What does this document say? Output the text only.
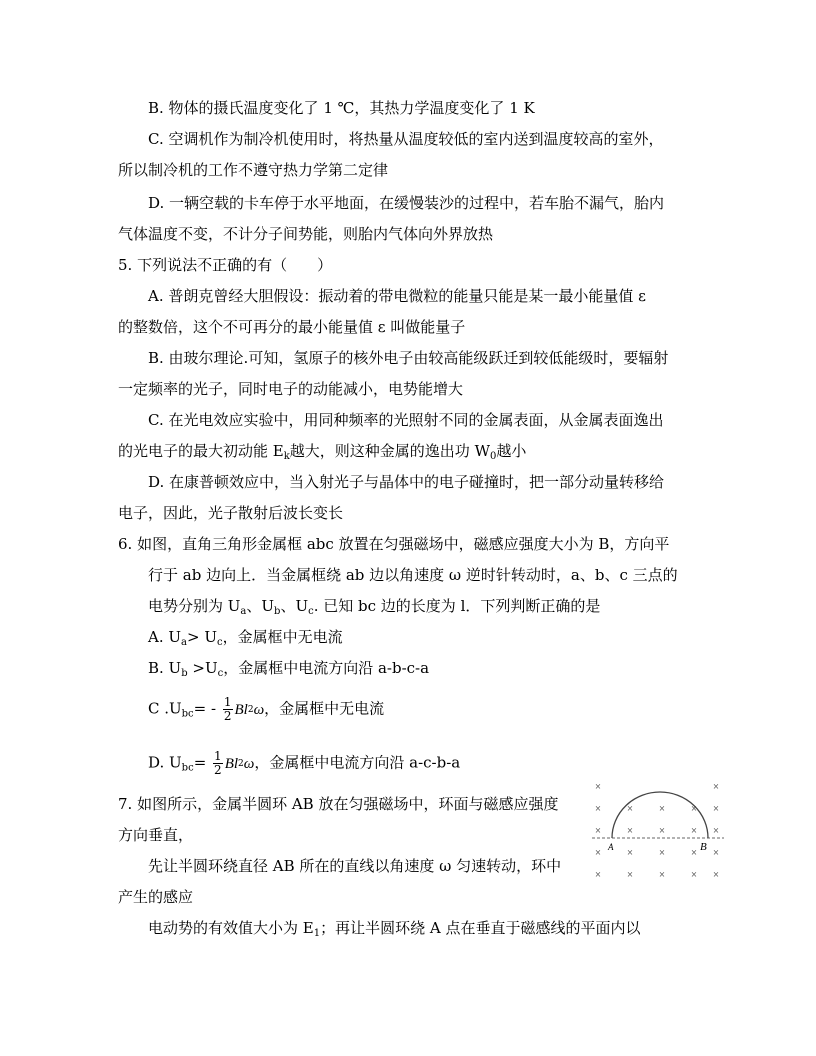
B. 物体的摄氏温度变化了 1 ℃，其热力学温度变化了 1 K
C. 空调机作为制冷机使用时，将热量从温度较低的室内送到温度较高的室外，
所以制冷机的工作不遵守热力学第二定律
D. 一辆空载的卡车停于水平地面，在缓慢装沙的过程中，若车胎不漏气，胎内
气体温度不变，不计分子间势能，则胎内气体向外界放热
5. 下列说法不正确的有（　　）
A. 普朗克曾经大胆假设：振动着的带电微粒的能量只能是某一最小能量值 ε
的整数倍，这个不可再分的最小能量值 ε 叫做能量子
B. 由玻尔理论.可知，氢原子的核外电子由较高能级跃迁到较低能级时，要辐射
一定频率的光子，同时电子的动能减小，电势能增大
C. 在光电效应实验中，用同种频率的光照射不同的金属表面，从金属表面逸出
的光电子的最大初动能 $E_k$越大，则这种金属的逸出功 $W_0$越小
D. 在康普顿效应中，当入射光子与晶体中的电子碰撞时，把一部分动量转移给
电子，因此，光子散射后波长变长
6. 如图，直角三角形金属框 abc 放置在匀强磁场中，磁感应强度大小为 B，方向平
行于 ab 边向上．当金属框绕 ab 边以角速度 ω 逆时针转动时，a、b、c 三点的
电势分别为 $U_a$、$U_b$、$U_c$. 已知 bc 边的长度为 l．下列判断正确的是
A. $U_a> U_c$，金属框中无电流
B. $U_b >U_c$，金属框中电流方向沿 a-b-c-a
C $.U_{bc}= - \frac{1}{2}$ Bl 2 ω ，金属框中无电流
D. $U_{bc}= \frac{1}{2}$ Bl 2 ω ，金属框中电流方向沿 a-c-b-a
7. 如图所示，金属半圆环 AB 放在匀强磁场中，环面与磁感应强度
方向垂直，
先让半圆环绕直径 AB 所在的直线以角速度 ω 匀速转动，环中
产生的感应
电动势的有效值大小为 $E_1$；再让半圆环绕 A 点在垂直于磁感线的平面内以
×	×
×	×	×	× ×
×	×	×	× ×
×	×	×	× ×
×	×	×	× ×
A	B
